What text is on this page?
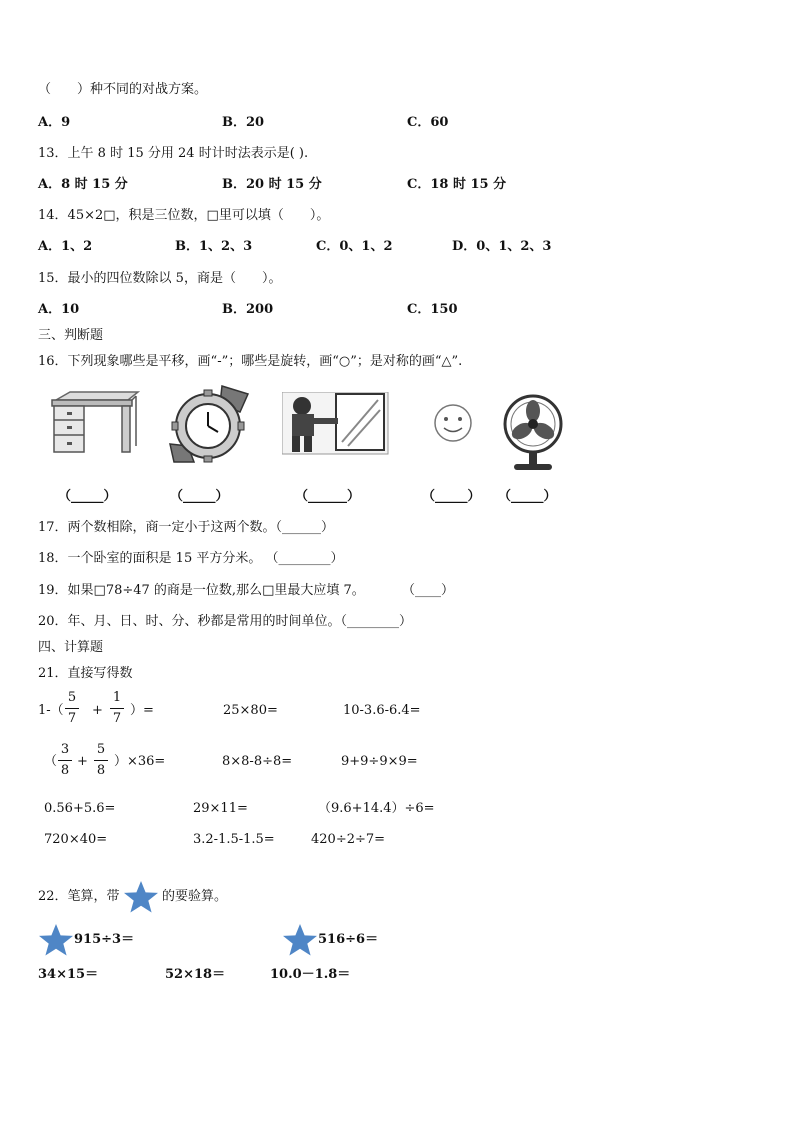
（　　）种不同的对战方案。
A．9	B．20	C．60
13．上午 8 时 15 分用 24 时计时法表示是( ).
A．8 时 15 分	B．20 时 15 分	C．18 时 15 分
14．45×2□，积是三位数，□里可以填（　　）。
A．1、2	B．1、2、3	C．0、1、2	D．0、1、2、3
15．最小的四位数除以 5，商是（　　）。
A．10	B．200	C．150
三、判断题
16．下列现象哪些是平移，画“-”；哪些是旋转，画“○”；是对称的画“△”.
（_____）	（_____）	（______）	（_____） （_____）
17．两个数相除，商一定小于这两个数。（______）
18．一个卧室的面积是 15 平方分米。 （________）
19．如果□78÷47 的商是一位数,那么□里最大应填 7。	（____）
20．年、月、日、时、分、秒都是常用的时间单位。（________）
四、计算题
21．直接写得数
1-（
5
7
+
1
7
）=	25×80=	10-3.6-6.4=
（
3
8
+
5
8
）×36=	8×8-8÷8=	9+9÷9×9=
0.56+5.6=	29×11=	（9.6+14.4）÷6=
720×40=	3.2-1.5-1.5=	420÷2÷7=
22．笔算，带	的要验算。
915÷3＝	516÷6＝
34×15＝	52×18＝	10.0－1.8＝
